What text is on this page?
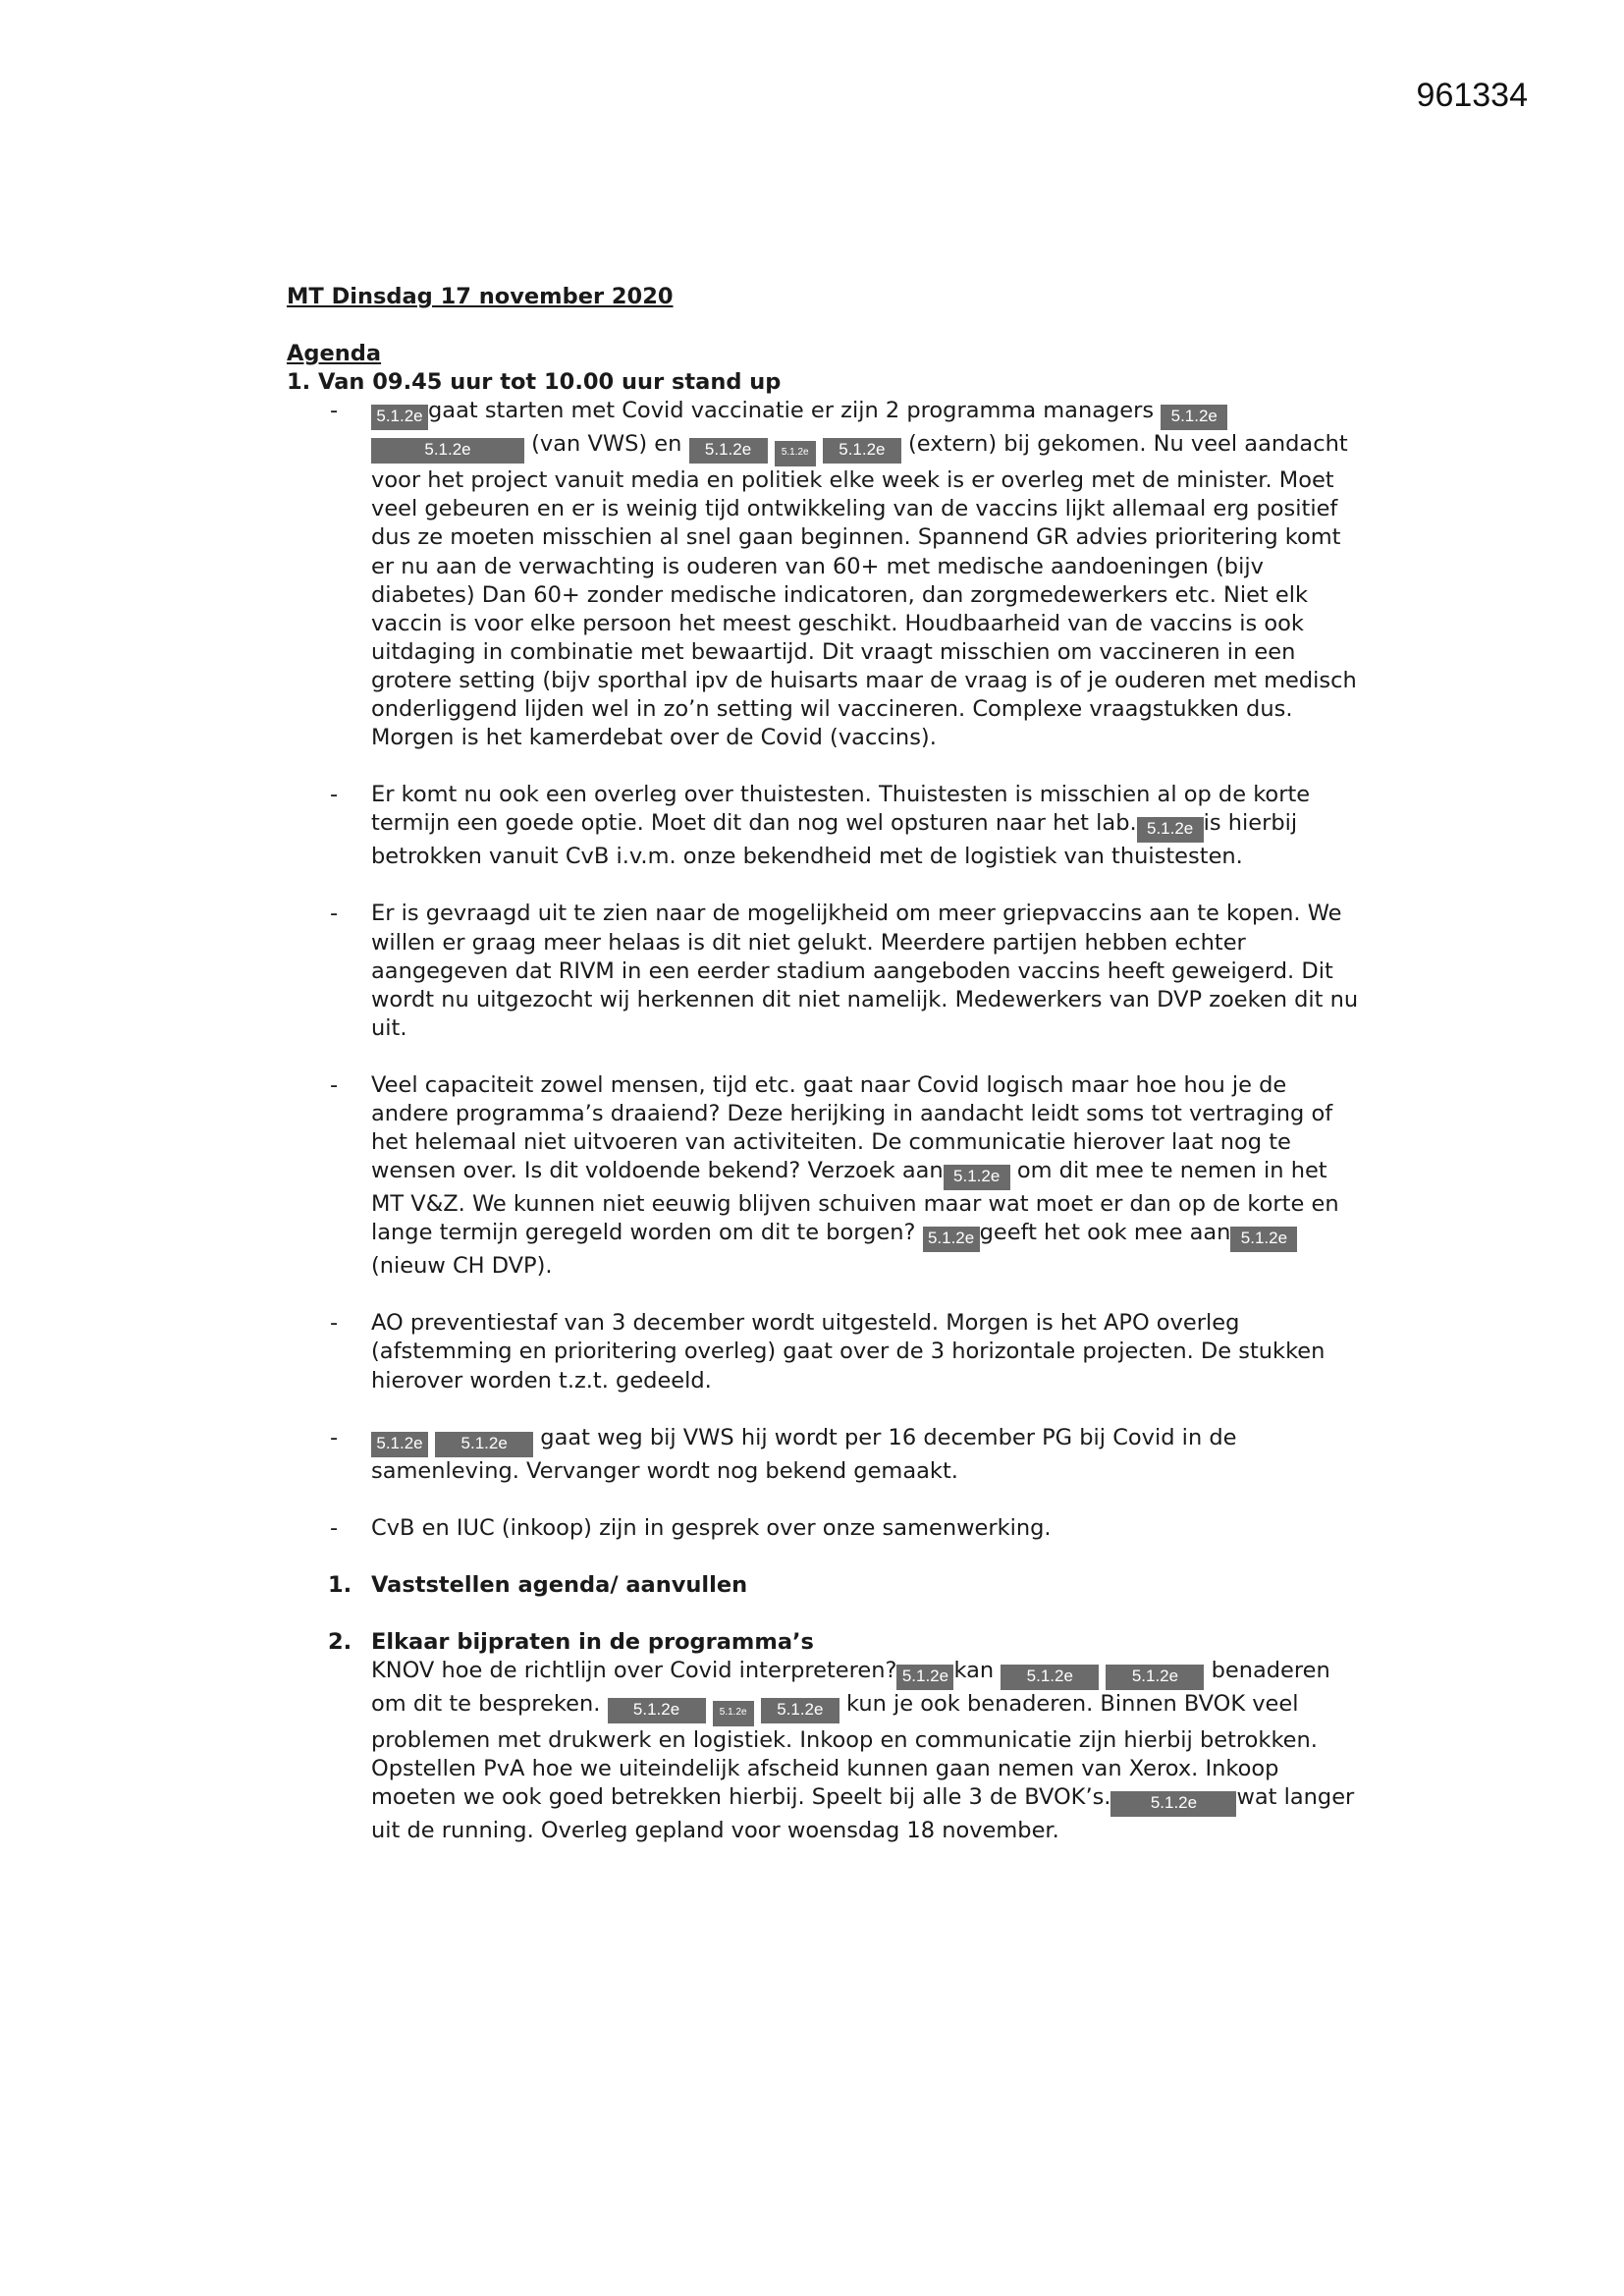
961334
MT Dinsdag 17 november 2020
Agenda
1. Van 09.45 uur tot 10.00 uur stand up
- 5.1.2e gaat starten met Covid vaccinatie er zijn 2 programma managers 5.1.2e 5.1.2e (van VWS) en 5.1.2e	5.1.2e 5.1.2e (extern) bij gekomen. Nu veel aandacht voor het project vanuit media en politiek elke week is er overleg met de minister. Moet veel gebeuren en er is weinig tijd ontwikkeling van de vaccins lijkt allemaal erg positief dus ze moeten misschien al snel gaan beginnen. Spannend GR advies prioritering komt er nu aan de verwachting is ouderen van 60+ met medische aandoeningen (bijv diabetes) Dan 60+ zonder medische indicatoren, dan zorgmedewerkers etc. Niet elk vaccin is voor elke persoon het meest geschikt. Houdbaarheid van de vaccins is ook uitdaging in combinatie met bewaartijd. Dit vraagt misschien om vaccineren in een grotere setting (bijv sporthal ipv de huisarts maar de vraag is of je ouderen met medisch onderliggend lijden wel in zo’n setting wil vaccineren. Complexe vraagstukken dus. Morgen is het kamerdebat over de Covid (vaccins).
- Er komt nu ook een overleg over thuistesten. Thuistesten is misschien al op de korte termijn een goede optie. Moet dit dan nog wel opsturen naar het lab. 5.1.2e is hierbij betrokken vanuit CvB i.v.m. onze bekendheid met de logistiek van thuistesten.
- Er is gevraagd uit te zien naar de mogelijkheid om meer griepvaccins aan te kopen. We willen er graag meer helaas is dit niet gelukt. Meerdere partijen hebben echter aangegeven dat RIVM in een eerder stadium aangeboden vaccins heeft geweigerd. Dit wordt nu uitgezocht wij herkennen dit niet namelijk. Medewerkers van DVP zoeken dit nu uit.
- Veel capaciteit zowel mensen, tijd etc. gaat naar Covid logisch maar hoe hou je de andere programma’s draaiend? Deze herijking in aandacht leidt soms tot vertraging of het helemaal niet uitvoeren van activiteiten. De communicatie hierover laat nog te wensen over. Is dit voldoende bekend? Verzoek aan 5.1.2e om dit mee te nemen in het MT V&Z. We kunnen niet eeuwig blijven schuiven maar wat moet er dan op de korte en lange termijn geregeld worden om dit te borgen? 5.1.2e geeft het ook mee aan 5.1.2e(nieuw CH DVP).
- AO preventiestaf van 3 december wordt uitgesteld. Morgen is het APO overleg (afstemming en prioritering overleg) gaat over de 3 horizontale projecten. De stukken hierover worden t.z.t. gedeeld.
- 5.1.2e 5.1.2e gaat weg bij VWS hij wordt per 16 december PG bij Covid in de samenleving. Vervanger wordt nog bekend gemaakt.
- CvB en IUC (inkoop) zijn in gesprek over onze samenwerking.
1. Vaststellen agenda/ aanvullen
2. Elkaar bijpraten in de programma’s
KNOV hoe de richtlijn over Covid interpreteren? 5.1.2e kan 5.1.2e	5.1.2e benaderen om dit te bespreken. 5.1.2e	5.1.2e 5.1.2e kun je ook benaderen. Binnen BVOK veel problemen met drukwerk en logistiek. Inkoop en communicatie zijn hierbij betrokken. Opstellen PvA hoe we uiteindelijk afscheid kunnen gaan nemen van Xerox. Inkoop moeten we ook goed betrekken hierbij. Speelt bij alle 3 de BVOK’s. 5.1.2e wat langer uit de running. Overleg gepland voor woensdag 18 november.
